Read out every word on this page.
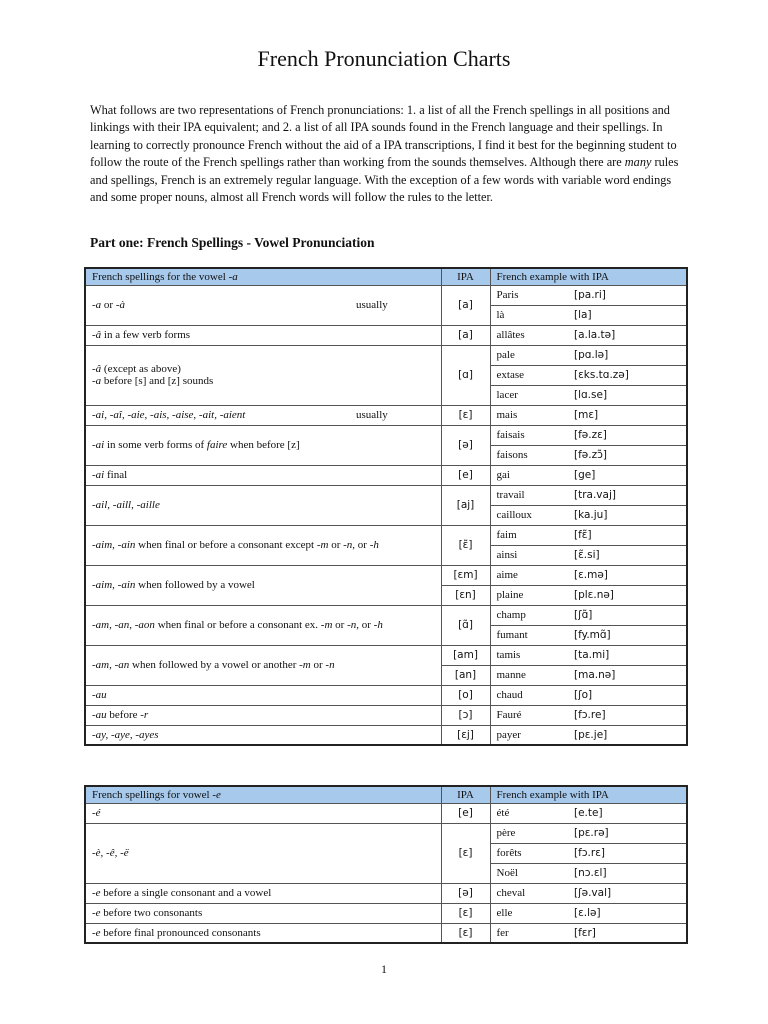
French Pronunciation Charts
What follows are two representations of French pronunciations: 1. a list of all the French spellings in all positions and linkings with their IPA equivalent; and 2. a list of all IPA sounds found in the French language and their spellings. In learning to correctly pronounce French without the aid of a IPA transcriptions, I find it best for the beginning student to follow the route of the French spellings rather than working from the sounds themselves. Although there are many rules and spellings, French is an extremely regular language. With the exception of a few words with variable word endings and some proper nouns, almost all French words will follow the rules to the letter.
Part one: French Spellings - Vowel Pronunciation
French spellings for the vowel -a	IPA	French example with IPA	
-a or -à usually	[a]	Paris	[pa.ri]
		là	[la]
-â in a few verb forms	[a]	allâtes	[a.la.tə]
-â (except as above)
-a before [s] and [z] sounds	[ɑ]	pale	[pɑ.lə]
		extase	[ɛks.tɑ.zə]
		lacer	[lɑ.se]
-ai, -aî, -aie, -ais, -aise, -ait, -aient usually	[ɛ]	mais	[mɛ]
-ai in some verb forms of faire when before [z]	[ə]	faisais	[fə.zɛ]
		faisons	[fə.zɔ̃]
-ai final	[e]	gai	[ge]
-ail, -aill, -aille	[aj]	travail	[tra.vaj]
		cailloux	[ka.ju]
-aim, -ain when final or before a consonant except -m or -n, or -h	[ɛ̃]	faim	[fɛ̃]
		ainsi	[ɛ̃.si]
-aim, -ain when followed by a vowel	[ɛm]	aime	[ɛ.mə]
	[ɛn]	plaine	[plɛ.nə]
-am, -an, -aon when final or before a consonant ex. -m or -n, or -h	[ɑ̃]	champ	[ʃɑ̃]
		fumant	[fy.mɑ̃]
-am, -an when followed by a vowel or another -m or -n	[am]	tamis	[ta.mi]
	[an]	manne	[ma.nə]
-au	[o]	chaud	[ʃo]
-au before -r	[ɔ]	Fauré	[fɔ.re]
-ay, -aye, -ayes	[ɛj]	payer	[pɛ.je]
French spellings for vowel -e	IPA	French example with IPA	
-é	[e]	été	[e.te]
-è, -ê, -ë	[ɛ]	père	[pɛ.rə]
		forêts	[fɔ.rɛ]
		Noël	[nɔ.ɛl]
-e before a single consonant and a vowel	[ə]	cheval	[ʃə.val]
-e before two consonants	[ɛ]	elle	[ɛ.lə]
-e before final pronounced consonants	[ɛ]	fer	[fɛr]
1
